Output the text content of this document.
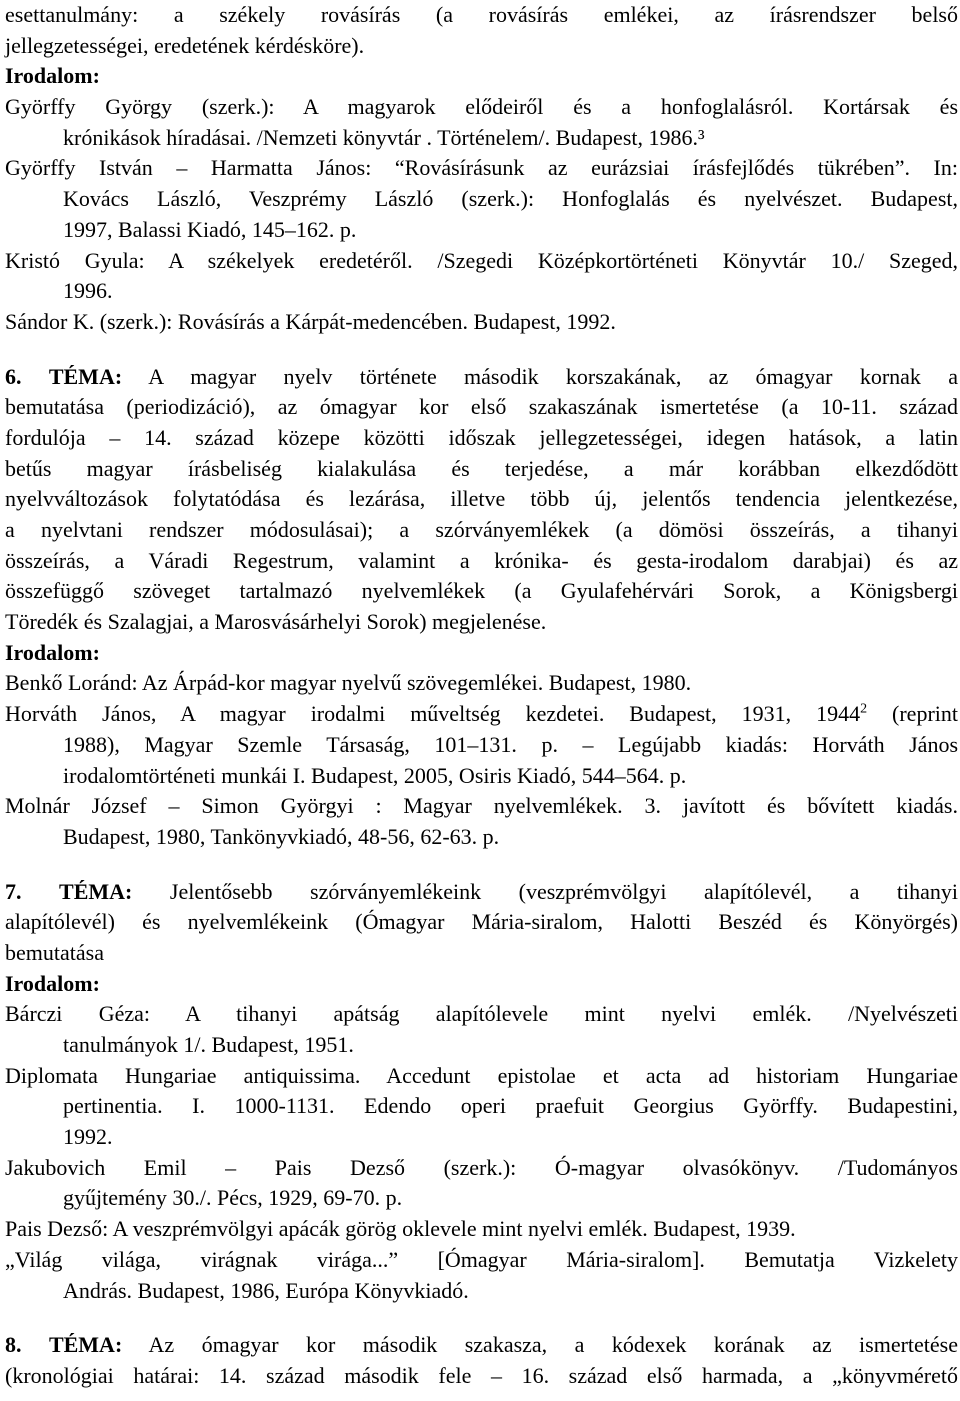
esettanulmány: a székely rovásírás (a rovásírás emlékei, az írásrendszer belső

jellegzetességei, eredetének kérdésköre).

Irodalom:

Györffy György (szerk.): A magyarok elődeiről és a honfoglalásról. Kortársak és

krónikások híradásai. /Nemzeti könyvtár . Történelem/. Budapest, 1986.³

Györffy István – Harmatta János: “Rovásírásunk az eurázsiai írásfejlődés tükrében”. In:

Kovács László, Veszprémy László (szerk.): Honfoglalás és nyelvészet. Budapest,

1997, Balassi Kiadó, 145–162. p.

Kristó Gyula: A székelyek eredetéről. /Szegedi Középkortörténeti Könyvtár 10./ Szeged,

1996.

Sándor K. (szerk.): Rovásírás a Kárpát-medencében. Budapest, 1992.

6. TÉMA: A magyar nyelv története második korszakának, az ómagyar kornak a

bemutatása (periodizáció), az ómagyar kor első szakaszának ismertetése (a 10-11. század

fordulója – 14. század közepe közötti időszak jellegzetességei, idegen hatások, a latin

betűs magyar írásbeliség kialakulása és terjedése, a már korábban elkezdődött

nyelvváltozások folytatódása és lezárása, illetve több új, jelentős tendencia jelentkezése,

a nyelvtani rendszer módosulásai); a szórványemlékek (a dömösi összeírás, a tihanyi

összeírás, a Váradi Regestrum, valamint a krónika- és gesta-irodalom darabjai) és az

összefüggő szöveget tartalmazó nyelvemlékek (a Gyulafehérvári Sorok, a Königsbergi

Töredék és Szalagjai, a Marosvásárhelyi Sorok) megjelenése.

Irodalom:

Benkő Loránd: Az Árpád-kor magyar nyelvű szövegemlékei. Budapest, 1980.

Horváth János, A magyar irodalmi műveltség kezdetei. Budapest, 1931, 1944$^2$ (reprint

1988), Magyar Szemle Társaság, 101–131. p. – Legújabb kiadás: Horváth János

irodalomtörténeti munkái I. Budapest, 2005, Osiris Kiadó, 544–564. p.

Molnár József – Simon Györgyi : Magyar nyelvemlékek. 3. javított és bővített kiadás.

Budapest, 1980, Tankönyvkiadó, 48-56, 62-63. p.

7. TÉMA: Jelentősebb szórványemlékeink (veszprémvölgyi alapítólevél, a tihanyi

alapítólevél) és nyelvemlékeink (Ómagyar Mária-siralom, Halotti Beszéd és Könyörgés)

bemutatása

Irodalom:

Bárczi Géza: A tihanyi apátság alapítólevele mint nyelvi emlék. /Nyelvészeti

tanulmányok 1/. Budapest, 1951.

Diplomata Hungariae antiquissima. Accedunt epistolae et acta ad historiam Hungariae

pertinentia. I. 1000-1131. Edendo operi praefuit Georgius Györffy. Budapestini,

1992.

Jakubovich Emil – Pais Dezső (szerk.): Ó-magyar olvasókönyv. /Tudományos

gyűjtemény 30./. Pécs, 1929, 69-70. p.

Pais Dezső: A veszprémvölgyi apácák görög oklevele mint nyelvi emlék. Budapest, 1939.

„Világ világa, virágnak virága...” [Ómagyar Mária-siralom]. Bemutatja Vizkelety

András. Budapest, 1986, Európa Könyvkiadó.

8. TÉMA: Az ómagyar kor második szakasza, a kódexek korának az ismertetése

(kronológiai határai: 14. század második fele – 16. század első harmada, a „könyvmérető
